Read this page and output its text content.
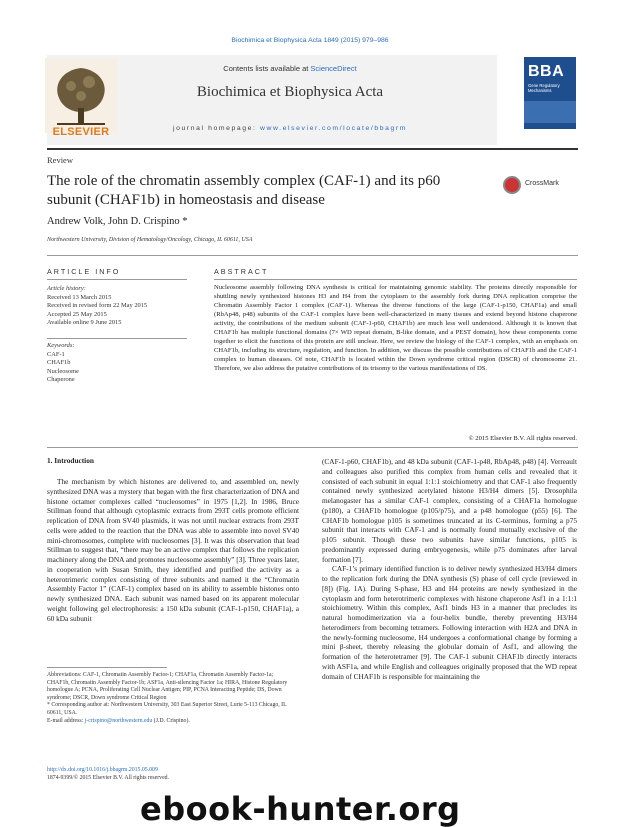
Biochimica et Biophysica Acta 1849 (2015) 979–986
ELSEVIER
Contents lists available at ScienceDirect
Biochimica et Biophysica Acta
journal homepage: www.elsevier.com/locate/bbagrm
BBA
Gene Regulatory Mechanisms
Review
The role of the chromatin assembly complex (CAF-1) and its p60 subunit (CHAF1b) in homeostasis and disease
CrossMark
Andrew Volk, John D. Crispino *
Northwestern University, Division of Hematology/Oncology, Chicago, IL 60611, USA
ARTICLE INFO	ABSTRACT
Article history:
Received 13 March 2015
Received in revised form 22 May 2015
Accepted 25 May 2015
Available online 9 June 2015
Keywords:
CAF-1
CHAF1b
Nucleosome
Chaperone
Nucleosome assembly following DNA synthesis is critical for maintaining genomic stability. The proteins directly responsible for shuttling newly synthesized histones H3 and H4 from the cytoplasm to the assembly fork during DNA replication comprise the Chromatin Assembly Factor 1 complex (CAF-1). Whereas the diverse functions of the large (CAF-1-p150, CHAF1a) and small (RbAp48, p48) subunits of the CAF-1 complex have been well-characterized in many tissues and extend beyond histone chaperone activity, the contributions of the medium subunit (CAF-1-p60, CHAF1b) are much less well understood. Although it is known that CHAF1b has multiple functional domains (7× WD repeat domain, B-like domain, and a PEST domain), how these components come together to elicit the functions of this protein are still unclear. Here, we review the biology of the CAF-1 complex, with an emphasis on CHAF1b, including its structure, regulation, and function. In addition, we discuss the possible contributions of CHAF1b and the CAF-1 complex to human diseases. Of note, CHAF1b is located within the Down syndrome critical region (DSCR) of chromosome 21. Therefore, we also address the putative contributions of its trisomy to the various manifestations of DS.
© 2015 Elsevier B.V. All rights reserved.
1. Introduction

The mechanism by which histones are delivered to, and assembled on, newly synthesized DNA was a mystery that began with the first characterization of DNA and histone octamer complexes called “nucleosomes” in 1975 [1,2]. In 1986, Bruce Stillman found that although cytoplasmic extracts from 293T cells promote efficient replication of DNA from SV40 plasmids, it was not until nuclear extracts from 293T cells were added to the reaction that the DNA was able to assemble into novel SV40 mini-chromosomes, complete with nucleosomes [3]. It was this observation that lead Stillman to suggest that, “there may be an active complex that follows the replication machinery along the DNA and promotes nucleosome assembly” [3]. Three years later, in cooperation with Susan Smith, they identified and purified the activity as a heterotrimeric complex consisting of three subunits and named it the “Chromatin Assembly Factor 1” (CAF-1) complex based on its ability to assemble histones onto newly synthesized DNA. Each subunit was named based on its apparent molecular weight following gel electrophoresis: a 150 kDa subunit (CAF-1-p150, CHAF1a), a 60 kDa subunit

(CAF-1-p60, CHAF1b), and 48 kDa subunit (CAF-1-p48, RbAp48, p48) [4]. Verreault and colleagues also purified this complex from human cells and revealed that it consisted of each subunit in equal 1:1:1 stoichiometry and that CAF-1 also frequently contained newly synthesized acetylated histone H3/H4 dimers [5]. Drosophila melanogaster has a similar CAF-1 complex, consisting of a CHAF1a homologue (p180), a CHAF1b homologue (p105/p75), and a p48 homologue (p55) [6]. The CHAF1b homologue p105 is sometimes truncated at its C-terminus, forming a p75 subunit that interacts with CAF-1 and is normally found mutually exclusive of the p105 subunit. Though these two subunits have similar functions, p105 is predominantly expressed during embryogenesis, while p75 dominates after larval formation [7].

CAF-1’s primary identified function is to deliver newly synthesized H3/H4 dimers to the replication fork during the DNA synthesis (S) phase of cell cycle (reviewed in [8]) (Fig. 1A). During S-phase, H3 and H4 proteins are newly synthesized in the cytoplasm and form heterotrimeric complexes with histone chaperone Asf1 in a 1:1:1 stoichiometry. Within this complex, Asf1 binds H3 in a manner that precludes its natural homodimerization via a four-helix bundle, thereby preventing H3/H4 heterodimers from becoming tetramers. Following interaction with H2A and DNA in the newly-forming nucleosome, H4 undergoes a conformational change by forming a mini β-sheet, thereby releasing the globular domain of Asf1, and allowing the formation of the heterotetramer [9]. The CAF-1 subunit CHAF1b directly interacts with ASF1a, and while English and colleagues originally proposed that the WD repeat domain of CHAF1b is responsible for maintaining the

Abbreviations: CAF-1, Chromatin Assembly Factor-1; CHAF1a, Chromatin Assembly Factor-1a; CHAF1b, Chromatin Assembly Factor-1b; ASF1a, Anti-silencing Factor 1a; HIRA, Histone Regulatory homologue A; PCNA, Proliferating Cell Nuclear Antigen; PIP, PCNA Interacting Peptide; DS, Down syndrome; DSCR, Down syndrome Critical Region
* Corresponding author at: Northwestern University, 303 East Superior Street, Lurie 5-113 Chicago, IL 60611, USA.
E-mail address: j-crispino@northwestern.edu (J.D. Crispino).
http://dx.doi.org/10.1016/j.bbagrm.2015.05.009
1874-9399/© 2015 Elsevier B.V. All rights reserved.
ebook-hunter.org
